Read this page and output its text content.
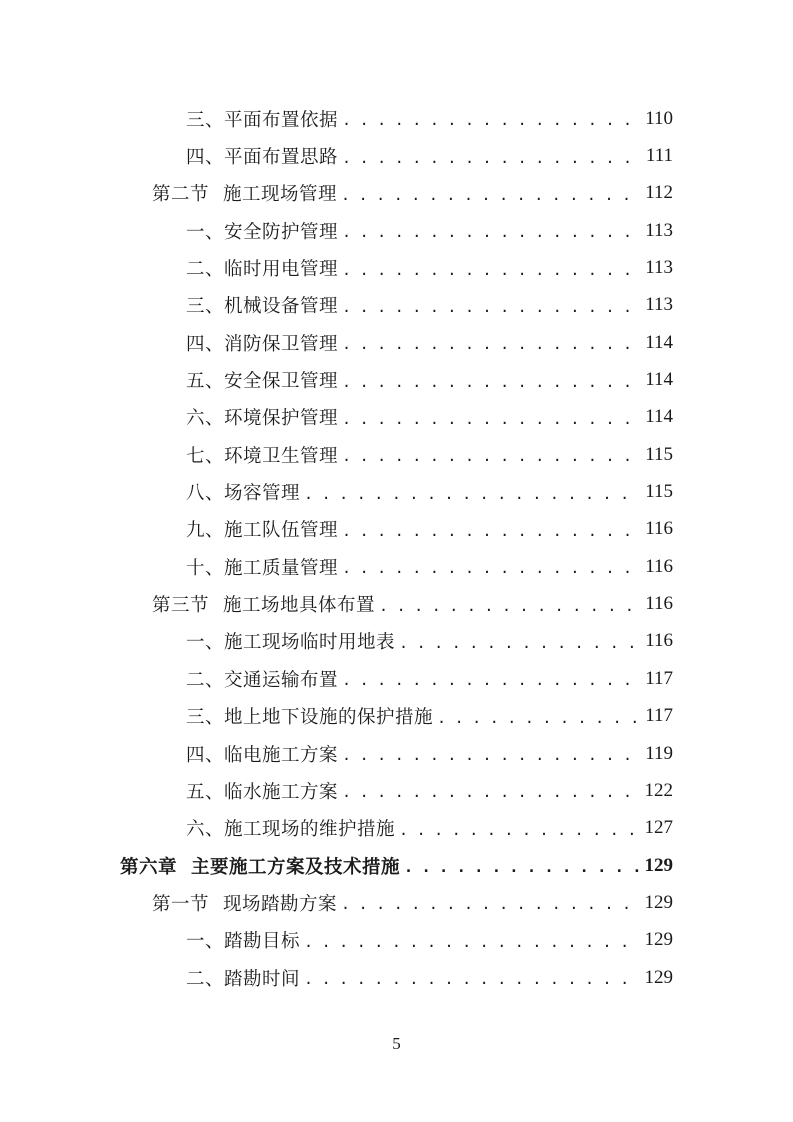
三、平面布置依据 . . .	110
四、平面布置思路 . . .	111
第二节 施工现场管理 . . .	112
一、安全防护管理 . . .	113
二、临时用电管理 . . .	113
三、机械设备管理 . . .	113
四、消防保卫管理 . . .	114
五、安全保卫管理 . . .	114
六、环境保护管理 . . .	114
七、环境卫生管理 . . .	115
八、场容管理 . . .	115
九、施工队伍管理 . . .	116
十、施工质量管理 . . .	116
第三节 施工场地具体布置 . . .	116
一、施工现场临时用地表 . . .	116
二、交通运输布置 . . .	117
三、地上地下设施的保护措施 . . .	117
四、临电施工方案 . . .	119
五、临水施工方案 . . .	122
六、施工现场的维护措施 . . .	127
第六章 主要施工方案及技术措施 . . .	129
第一节 现场踏勘方案 . . .	129
一、踏勘目标 . . .	129
二、踏勘时间 . . .	129
5
